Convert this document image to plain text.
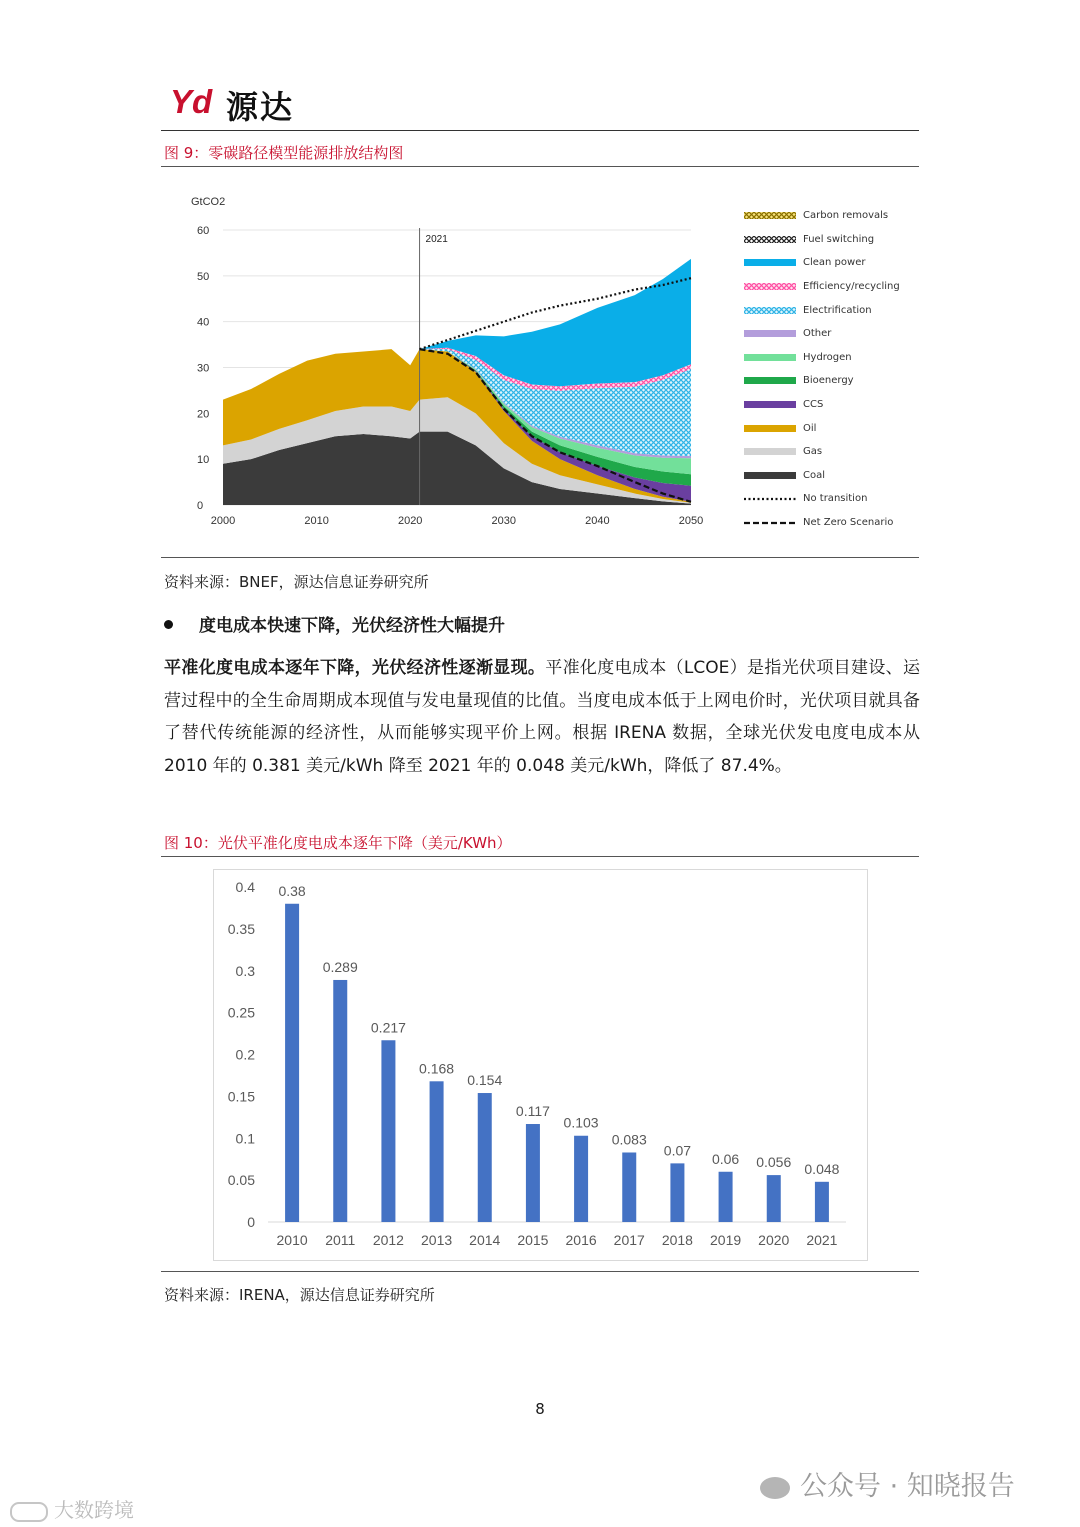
Yd 源达
图 9：零碳路径模型能源排放结构图
0
10
20
30
40
50
60
GtCO2
2000	2010	2020	2030	2040	2050
2021
Carbon removals
Fuel switching
Clean power
Efficiency/recycling
Electrification
Other
Hydrogen
Bioenergy
CCS
Oil
Gas
Coal
No transition
Net Zero Scenario
资料来源：BNEF，源达信息证券研究所
度电成本快速下降，光伏经济性大幅提升
平准化度电成本逐年下降，光伏经济性逐渐显现。平准化度电成本（LCOE）是指光伏项目建设、运营过程中的全生命周期成本现值与发电量现值的比值。当度电成本低于上网电价时，光伏项目就具备了替代传统能源的经济性，从而能够实现平价上网。根据 IRENA 数据，全球光伏发电度电成本从 2010 年的 0.381 美元/kWh 降至 2021 年的 0.048 美元/kWh，降低了 87.4%。
图 10：光伏平准化度电成本逐年下降（美元/KWh）
0
0.05
0.1
0.15
0.2
0.25
0.3
0.35
0.4 0.38
2010
0.289
2011
0.217
2012
0.168
2013
0.154
2014
0.117
2015
0.103
2016
0.083
2017
0.07
2018
0.06
2019
0.056
2020
0.048
2021
资料来源：IRENA，源达信息证券研究所
8
公众号 · 知晓报告
大数跨境
